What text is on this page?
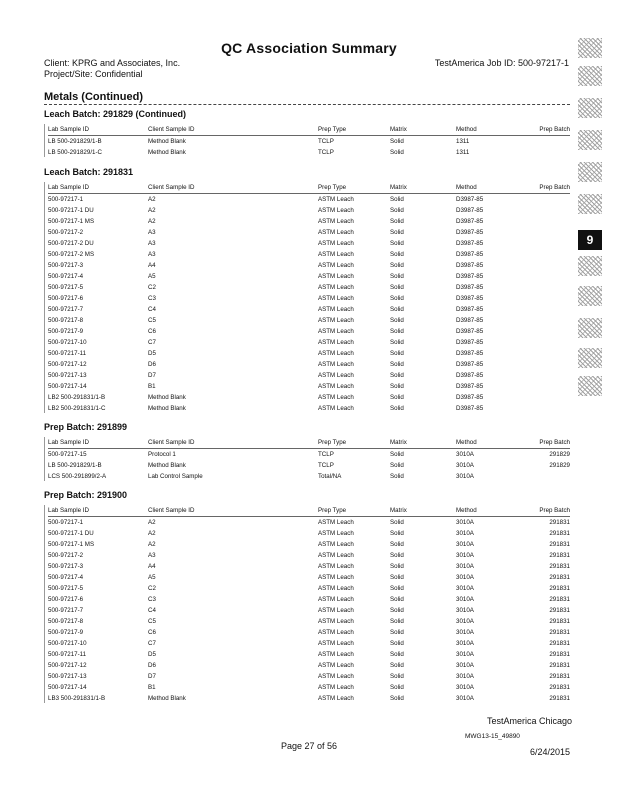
QC Association Summary
Client: KPRG and Associates, Inc.
Project/Site: Confidential
TestAmerica Job ID: 500-97217-1
Metals (Continued)
Leach Batch: 291829 (Continued)
Lab Sample ID	Client Sample ID	Prep Type	Matrix	Method	Prep Batch
LB 500-291829/1-B	Method Blank	TCLP	Solid	1311	
LB 500-291829/1-C	Method Blank	TCLP	Solid	1311	
Leach Batch: 291831
Lab Sample ID	Client Sample ID	Prep Type	Matrix	Method	Prep Batch
500-97217-1	A2	ASTM Leach	Solid	D3987-85	
500-97217-1 DU	A2	ASTM Leach	Solid	D3987-85	
500-97217-1 MS	A2	ASTM Leach	Solid	D3987-85	
500-97217-2	A3	ASTM Leach	Solid	D3987-85	
500-97217-2 DU	A3	ASTM Leach	Solid	D3987-85	
500-97217-2 MS	A3	ASTM Leach	Solid	D3987-85	
500-97217-3	A4	ASTM Leach	Solid	D3987-85	
500-97217-4	A5	ASTM Leach	Solid	D3987-85	
500-97217-5	C2	ASTM Leach	Solid	D3987-85	
500-97217-6	C3	ASTM Leach	Solid	D3987-85	
500-97217-7	C4	ASTM Leach	Solid	D3987-85	
500-97217-8	C5	ASTM Leach	Solid	D3987-85	
500-97217-9	C6	ASTM Leach	Solid	D3987-85	
500-97217-10	C7	ASTM Leach	Solid	D3987-85	
500-97217-11	D5	ASTM Leach	Solid	D3987-85	
500-97217-12	D6	ASTM Leach	Solid	D3987-85	
500-97217-13	D7	ASTM Leach	Solid	D3987-85	
500-97217-14	B1	ASTM Leach	Solid	D3987-85	
LB2 500-291831/1-B	Method Blank	ASTM Leach	Solid	D3987-85	
LB2 500-291831/1-C	Method Blank	ASTM Leach	Solid	D3987-85	
Prep Batch: 291899
Lab Sample ID	Client Sample ID	Prep Type	Matrix	Method	Prep Batch
500-97217-15	Protocol 1	TCLP	Solid	3010A	291829
LB 500-291829/1-B	Method Blank	TCLP	Solid	3010A	291829
LCS 500-291899/2-A	Lab Control Sample	Total/NA	Solid	3010A	
Prep Batch: 291900
Lab Sample ID	Client Sample ID	Prep Type	Matrix	Method	Prep Batch
500-97217-1	A2	ASTM Leach	Solid	3010A	291831
500-97217-1 DU	A2	ASTM Leach	Solid	3010A	291831
500-97217-1 MS	A2	ASTM Leach	Solid	3010A	291831
500-97217-2	A3	ASTM Leach	Solid	3010A	291831
500-97217-3	A4	ASTM Leach	Solid	3010A	291831
500-97217-4	A5	ASTM Leach	Solid	3010A	291831
500-97217-5	C2	ASTM Leach	Solid	3010A	291831
500-97217-6	C3	ASTM Leach	Solid	3010A	291831
500-97217-7	C4	ASTM Leach	Solid	3010A	291831
500-97217-8	C5	ASTM Leach	Solid	3010A	291831
500-97217-9	C6	ASTM Leach	Solid	3010A	291831
500-97217-10	C7	ASTM Leach	Solid	3010A	291831
500-97217-11	D5	ASTM Leach	Solid	3010A	291831
500-97217-12	D6	ASTM Leach	Solid	3010A	291831
500-97217-13	D7	ASTM Leach	Solid	3010A	291831
500-97217-14	B1	ASTM Leach	Solid	3010A	291831
LB3 500-291831/1-B	Method Blank	ASTM Leach	Solid	3010A	291831
9
TestAmerica Chicago
MWG13-15_49890
Page 27 of 56
6/24/2015
